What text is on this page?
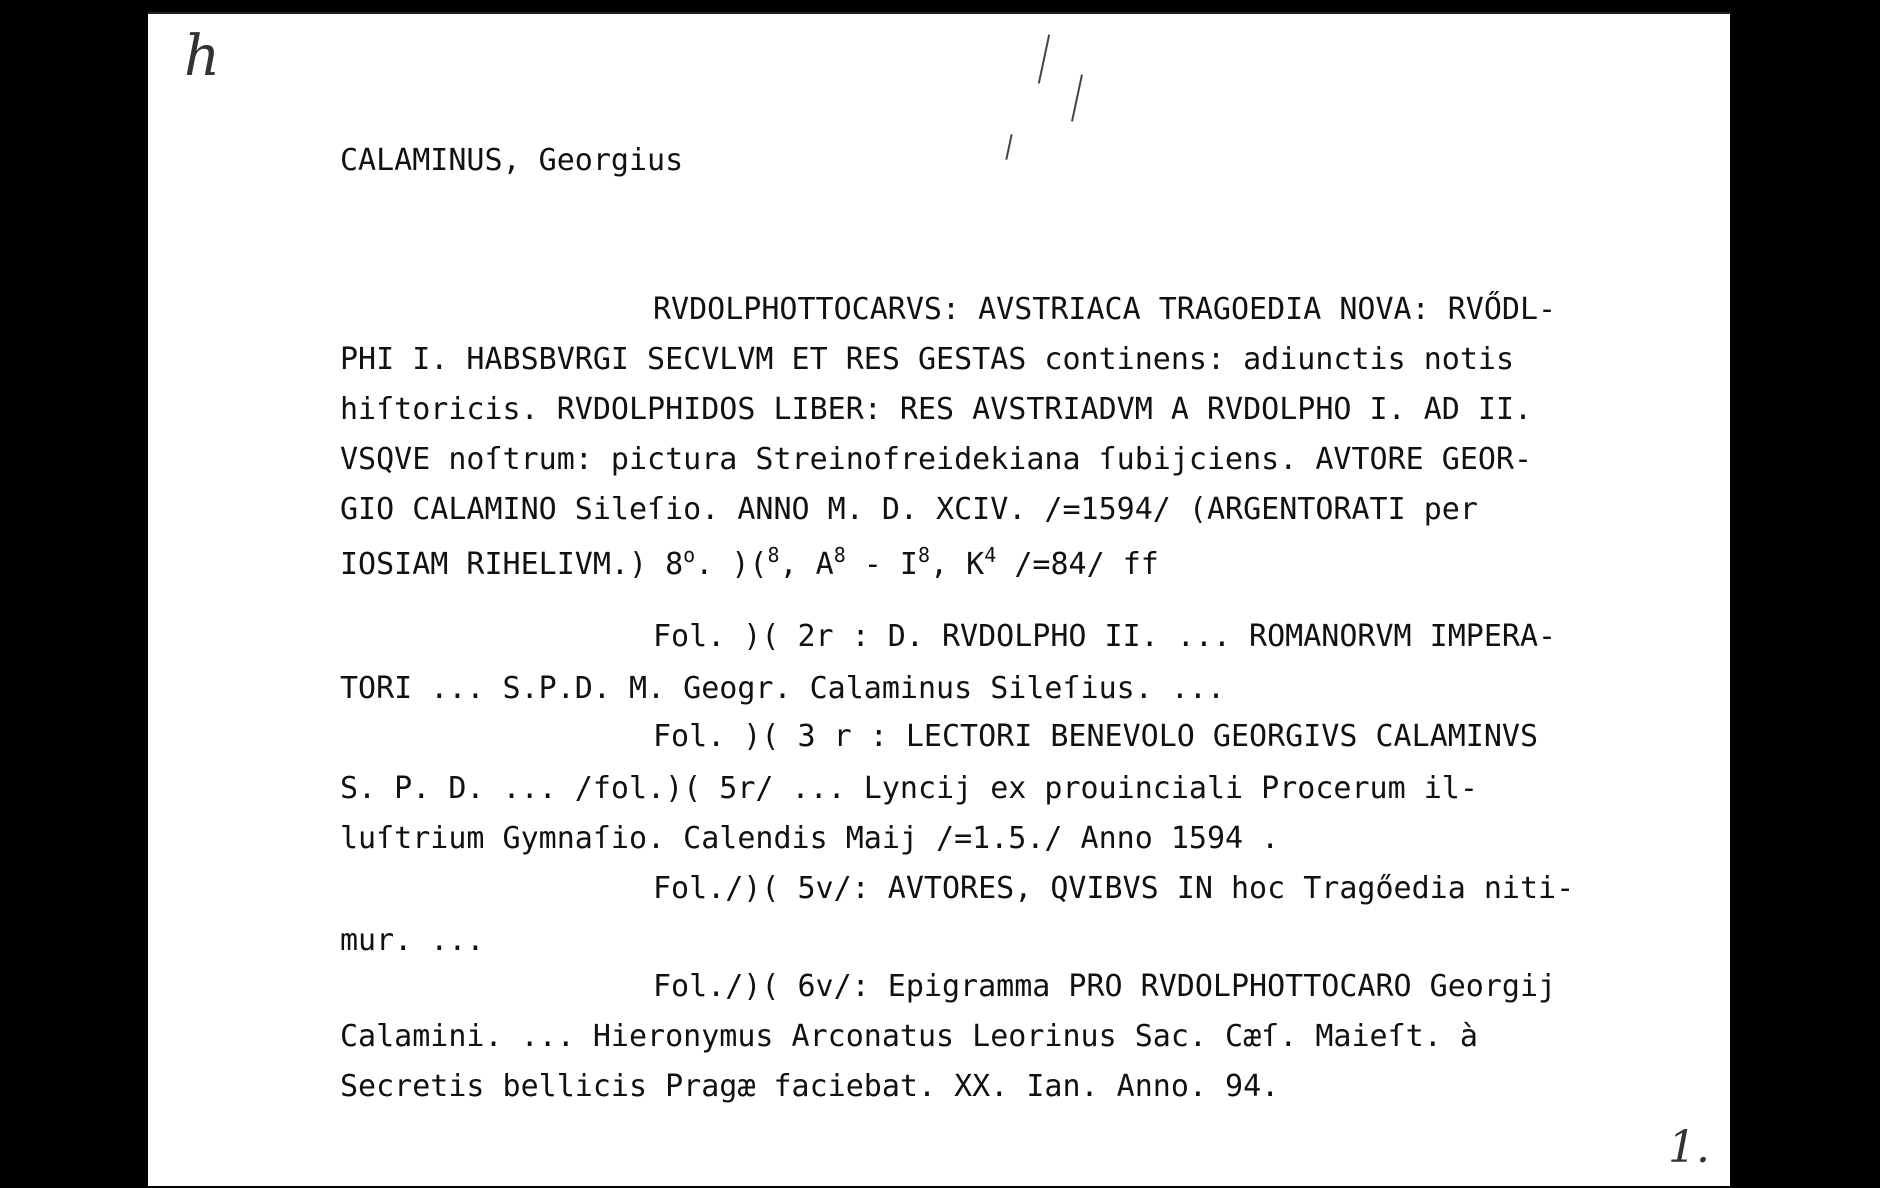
h
CALAMINUS, Georgius
RVDOLPHOTTOCARVS: AVSTRIACA TRAGOEDIA NOVA: RVŐDL-
PHI I. HABSBVRGI SECVLVM ET RES GESTAS continens: adiunctis notis
hiſtoricis. RVDOLPHIDOS LIBER: RES AVSTRIADVM A RVDOLPHO I. AD II.
VSQVE noſtrum: pictura Streinofreidekiana ſubijciens. AVTORE GEOR-
GIO CALAMINO Sileſio. ANNO M. D. XCIV. /=1594/ (ARGENTORATI per
IOSIAM RIHELIVM.) 8$^o$. )($^8$, $A^8 - I^8$, $K^4$ /=84/ ff
Fol. )( 2r : D. RVDOLPHO II. ... ROMANORVM IMPERA-
TORI ... S.P.D. M. Geogr. Calaminus Sileſius. ...
Fol. )( 3 r : LECTORI BENEVOLO GEORGIVS CALAMINVS
S. P. D. ... /fol.)( 5r/ ... Lyncij ex prouinciali Procerum il-
luſtrium Gymnaſio. Calendis Maij /=1.5./ Anno 1594 .
Fol./)( 5v/: AVTORES, QVIBVS IN hoc Tragőedia niti-
mur. ...
Fol./)( 6v/: Epigramma PRO RVDOLPHOTTOCARO Georgij
Calamini. ... Hieronymus Arconatus Leorinus Sac. Cæſ. Maieſt. à
Secretis bellicis Pragæ faciebat. XX. Ian. Anno. 94.
1.
